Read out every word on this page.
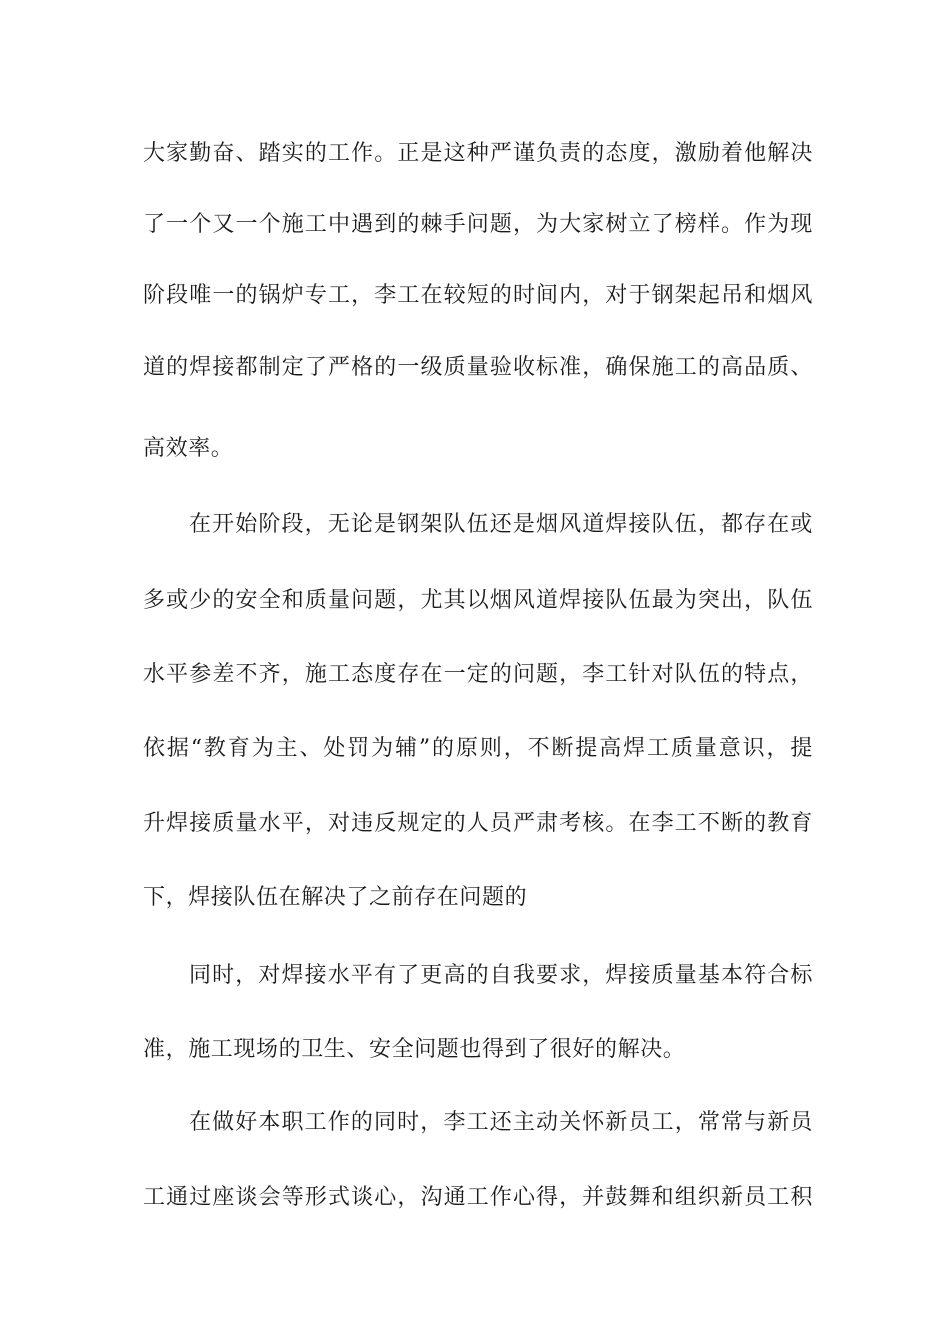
大家勤奋、踏实的工作。正是这种严谨负责的态度，激励着他解决
了一个又一个施工中遇到的棘手问题，为大家树立了榜样。作为现
阶段唯一的锅炉专工，李工在较短的时间内，对于钢架起吊和烟风
道的焊接都制定了严格的一级质量验收标准，确保施工的高品质、
高效率。
在开始阶段，无论是钢架队伍还是烟风道焊接队伍，都存在或
多或少的安全和质量问题，尤其以烟风道焊接队伍最为突出，队伍
水平参差不齐，施工态度存在一定的问题，李工针对队伍的特点，
依据“教育为主、处罚为辅”的原则，不断提高焊工质量意识，提
升焊接质量水平，对违反规定的人员严肃考核。在李工不断的教育
下，焊接队伍在解决了之前存在问题的
同时，对焊接水平有了更高的自我要求，焊接质量基本符合标
准，施工现场的卫生、安全问题也得到了很好的解决。
在做好本职工作的同时，李工还主动关怀新员工，常常与新员
工通过座谈会等形式谈心，沟通工作心得，并鼓舞和组织新员工积
